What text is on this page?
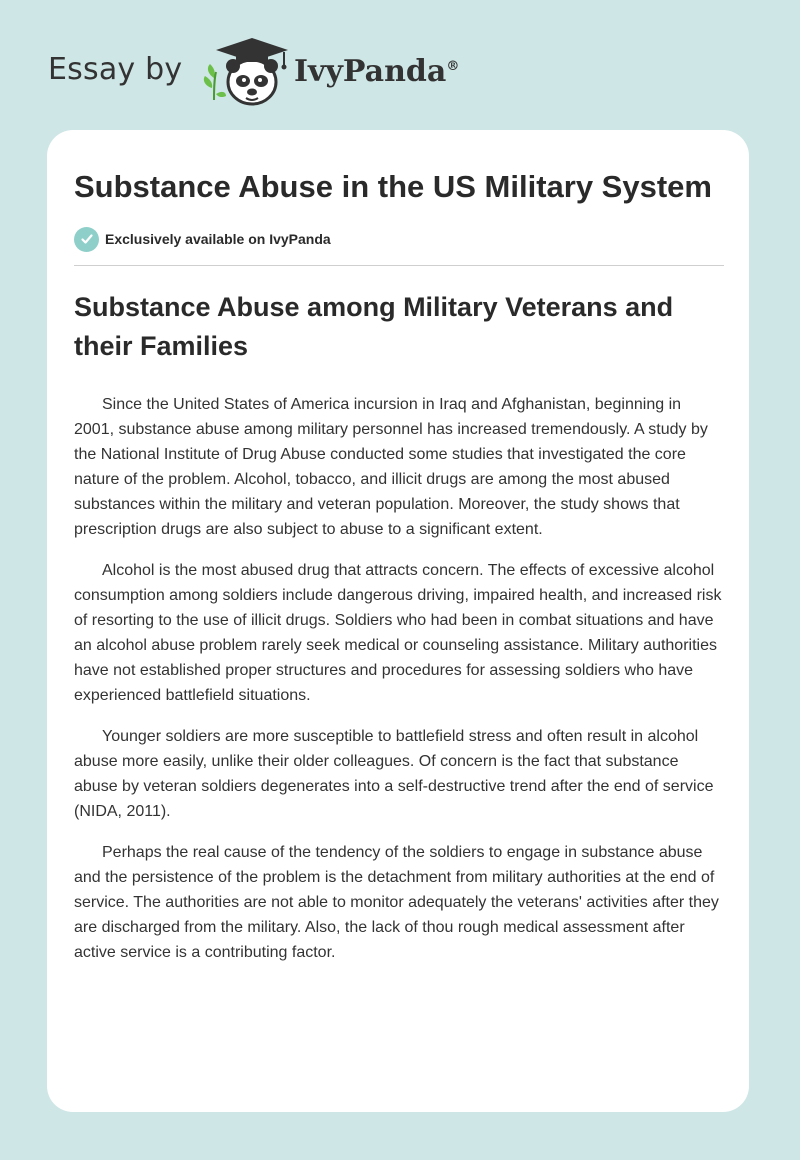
Essay by	IvyPanda®
Substance Abuse in the US Military System
Exclusively available on IvyPanda
Substance Abuse among Military Veterans and their Families

Since the United States of America incursion in Iraq and Afghanistan, beginning in 2001, substance abuse among military personnel has increased tremendously. A study by the National Institute of Drug Abuse conducted some studies that investigated the core nature of the problem. Alcohol, tobacco, and illicit drugs are among the most abused substances within the military and veteran population. Moreover, the study shows that prescription drugs are also subject to abuse to a significant extent.

Alcohol is the most abused drug that attracts concern. The effects of excessive alcohol consumption among soldiers include dangerous driving, impaired health, and increased risk of resorting to the use of illicit drugs. Soldiers who had been in combat situations and have an alcohol abuse problem rarely seek medical or counseling assistance. Military authorities have not established proper structures and procedures for assessing soldiers who have experienced battlefield situations.

Younger soldiers are more susceptible to battlefield stress and often result in alcohol abuse more easily, unlike their older colleagues. Of concern is the fact that substance abuse by veteran soldiers degenerates into a self-destructive trend after the end of service (NIDA, 2011).

Perhaps the real cause of the tendency of the soldiers to engage in substance abuse and the persistence of the problem is the detachment from military authorities at the end of service. The authorities are not able to monitor adequately the veterans' activities after they are discharged from the military. Also, the lack of thou rough medical assessment after active service is a contributing factor.
